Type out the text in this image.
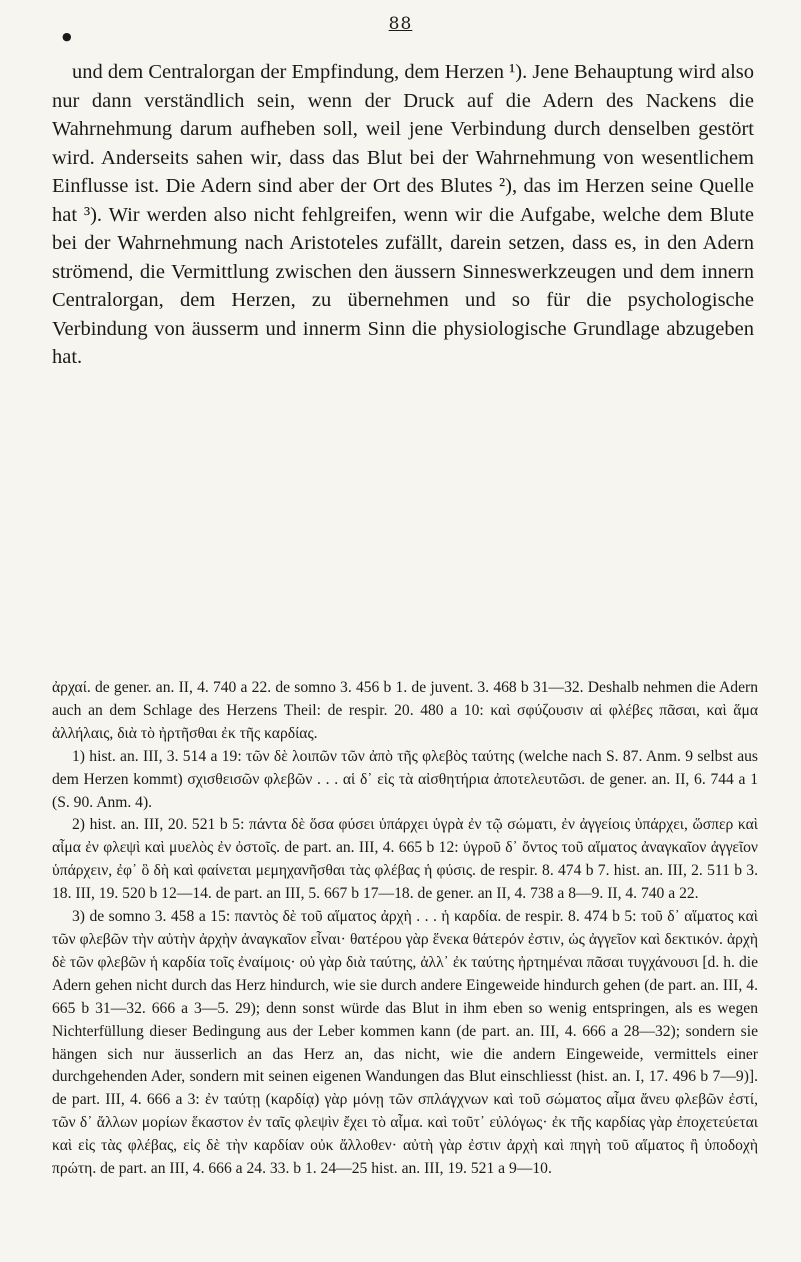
●
88

und dem Centralorgan der Empfindung, dem Herzen ¹). Jene Behauptung wird also nur dann verständlich sein, wenn der Druck auf die Adern des Nackens die Wahrnehmung darum aufheben soll, weil jene Verbindung durch denselben gestört wird. Anderseits sahen wir, dass das Blut bei der Wahrnehmung von wesentlichem Einflusse ist. Die Adern sind aber der Ort des Blutes ²), das im Herzen seine Quelle hat ³). Wir werden also nicht fehlgreifen, wenn wir die Aufgabe, welche dem Blute bei der Wahrnehmung nach Aristoteles zufällt, darein setzen, dass es, in den Adern strömend, die Vermittlung zwischen den äussern Sinneswerkzeugen und dem innern Centralorgan, dem Herzen, zu übernehmen und so für die psychologische Verbindung von äusserm und innerm Sinn die physiologische Grundlage abzugeben hat.

ἀρχαί. de gener. an. II, 4. 740 a 22. de somno 3. 456 b 1. de juvent. 3. 468 b 31—32. Deshalb nehmen die Adern auch an dem Schlage des Herzens Theil: de respir. 20. 480 a 10: καὶ σφύζουσιν αἱ φλέβες πᾶσαι, καὶ ἅμα ἀλλήλαις, διὰ τὸ ἠρτῆσθαι ἐκ τῆς καρδίας.

1) hist. an. III, 3. 514 a 19: τῶν δὲ λοιπῶν τῶν ἀπὸ τῆς φλεβὸς ταύτης (welche nach S. 87. Anm. 9 selbst aus dem Herzen kommt) σχισθεισῶν φλεβῶν . . . αἱ δ᾽ εἰς τὰ αἰσθητήρια ἀποτελευτῶσι. de gener. an. II, 6. 744 a 1 (S. 90. Anm. 4).

2) hist. an. III, 20. 521 b 5: πάντα δὲ ὅσα φύσει ὑπάρχει ὑγρὰ ἐν τῷ σώματι, ἐν ἀγγείοις ὑπάρχει, ὥσπερ καὶ αἷμα ἐν φλεψὶ καὶ μυελὸς ἐν ὀστοῖς. de part. an. III, 4. 665 b 12: ὑγροῦ δ᾽ ὄντος τοῦ αἵματος ἀναγκαῖον ἀγγεῖον ὑπάρχειν, ἐφ᾽ ὃ δὴ καὶ φαίνεται μεμηχανῆσθαι τὰς φλέβας ἡ φύσις. de respir. 8. 474 b 7. hist. an. III, 2. 511 b 3. 18. III, 19. 520 b 12—14. de part. an III, 5. 667 b 17—18. de gener. an II, 4. 738 a 8—9. II, 4. 740 a 22.

3) de somno 3. 458 a 15: παντὸς δὲ τοῦ αἵματος ἀρχὴ . . . ἡ καρδία. de respir. 8. 474 b 5: τοῦ δ᾽ αἵματος καὶ τῶν φλεβῶν τὴν αὐτὴν ἀρχὴν ἀναγκαῖον εἶναι· θατέρου γὰρ ἕνεκα θάτερόν ἐστιν, ὡς ἀγγεῖον καὶ δεκτικόν. ἀρχὴ δὲ τῶν φλεβῶν ἡ καρδία τοῖς ἐναίμοις· οὐ γὰρ διὰ ταύτης, ἀλλ᾽ ἐκ ταύτης ἠρτημέναι πᾶσαι τυγχάνουσι [d. h. die Adern gehen nicht durch das Herz hindurch, wie sie durch andere Eingeweide hindurch gehen (de part. an. III, 4. 665 b 31—32. 666 a 3—5. 29); denn sonst würde das Blut in ihm eben so wenig entspringen, als es wegen Nichterfüllung dieser Bedingung aus der Leber kommen kann (de part. an. III, 4. 666 a 28—32); sondern sie hängen sich nur äusserlich an das Herz an, das nicht, wie die andern Eingeweide, vermittels einer durchgehenden Ader, sondern mit seinen eigenen Wandungen das Blut einschliesst (hist. an. I, 17. 496 b 7—9)]. de part. III, 4. 666 a 3: ἐν ταύτῃ (καρδίᾳ) γὰρ μόνῃ τῶν σπλάγχνων καὶ τοῦ σώματος αἷμα ἄνευ φλεβῶν ἐστί, τῶν δ᾽ ἄλλων μορίων ἕκαστον ἐν ταῖς φλεψὶν ἔχει τὸ αἷμα. καὶ τοῦτ᾽ εὐλόγως· ἐκ τῆς καρδίας γὰρ ἐποχετεύεται καὶ εἰς τὰς φλέβας, εἰς δὲ τὴν καρδίαν οὐκ ἄλλοθεν· αὐτὴ γὰρ ἐστιν ἀρχὴ καὶ πηγὴ τοῦ αἵματος ἢ ὑποδοχὴ πρώτη. de part. an III, 4. 666 a 24. 33. b 1. 24—25 hist. an. III, 19. 521 a 9—10.
